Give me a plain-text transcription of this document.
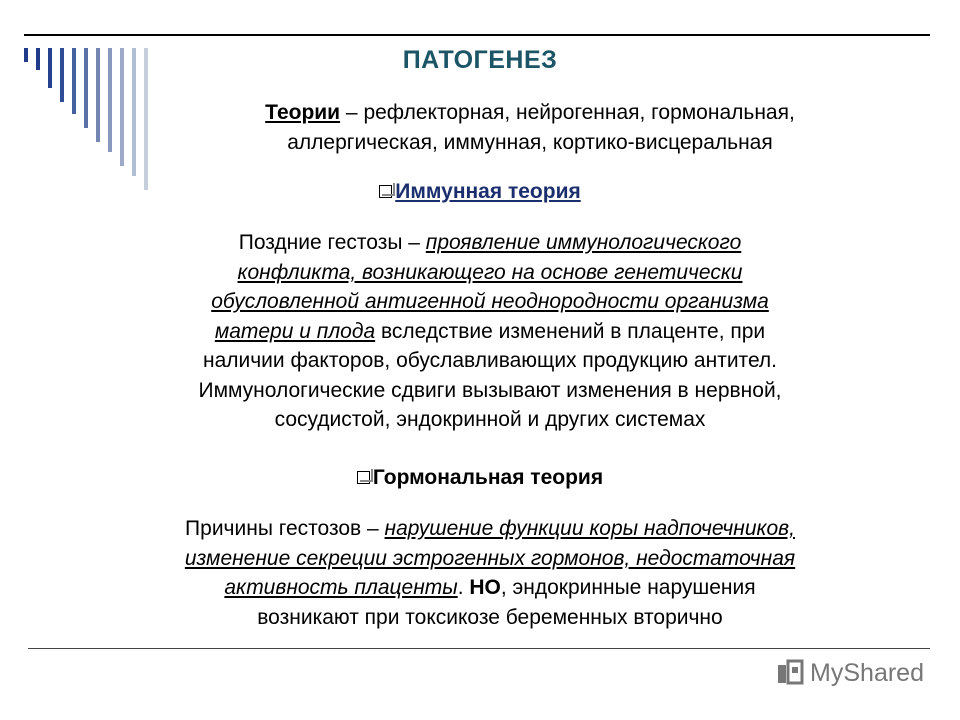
ПАТОГЕНЕЗ
Теории – рефлекторная, нейрогенная, гормональная,
аллергическая, иммунная, кортико-висцеральная
Иммунная теория
Поздние гестозы – проявление иммунологического
конфликта, возникающего на основе генетически
обусловленной антигенной неоднородности организма
матери и плода вследствие изменений в плаценте, при
наличии факторов, обуславливающих продукцию антител.
Иммунологические сдвиги вызывают изменения в нервной,
сосудистой, эндокринной и других системах
Гормональная теория
Причины гестозов – нарушение функции коры надпочечников,
изменение секреции эстрогенных гормонов, недостаточная
активность плаценты. НО, эндокринные нарушения
возникают при токсикозе беременных вторично
MyShared
